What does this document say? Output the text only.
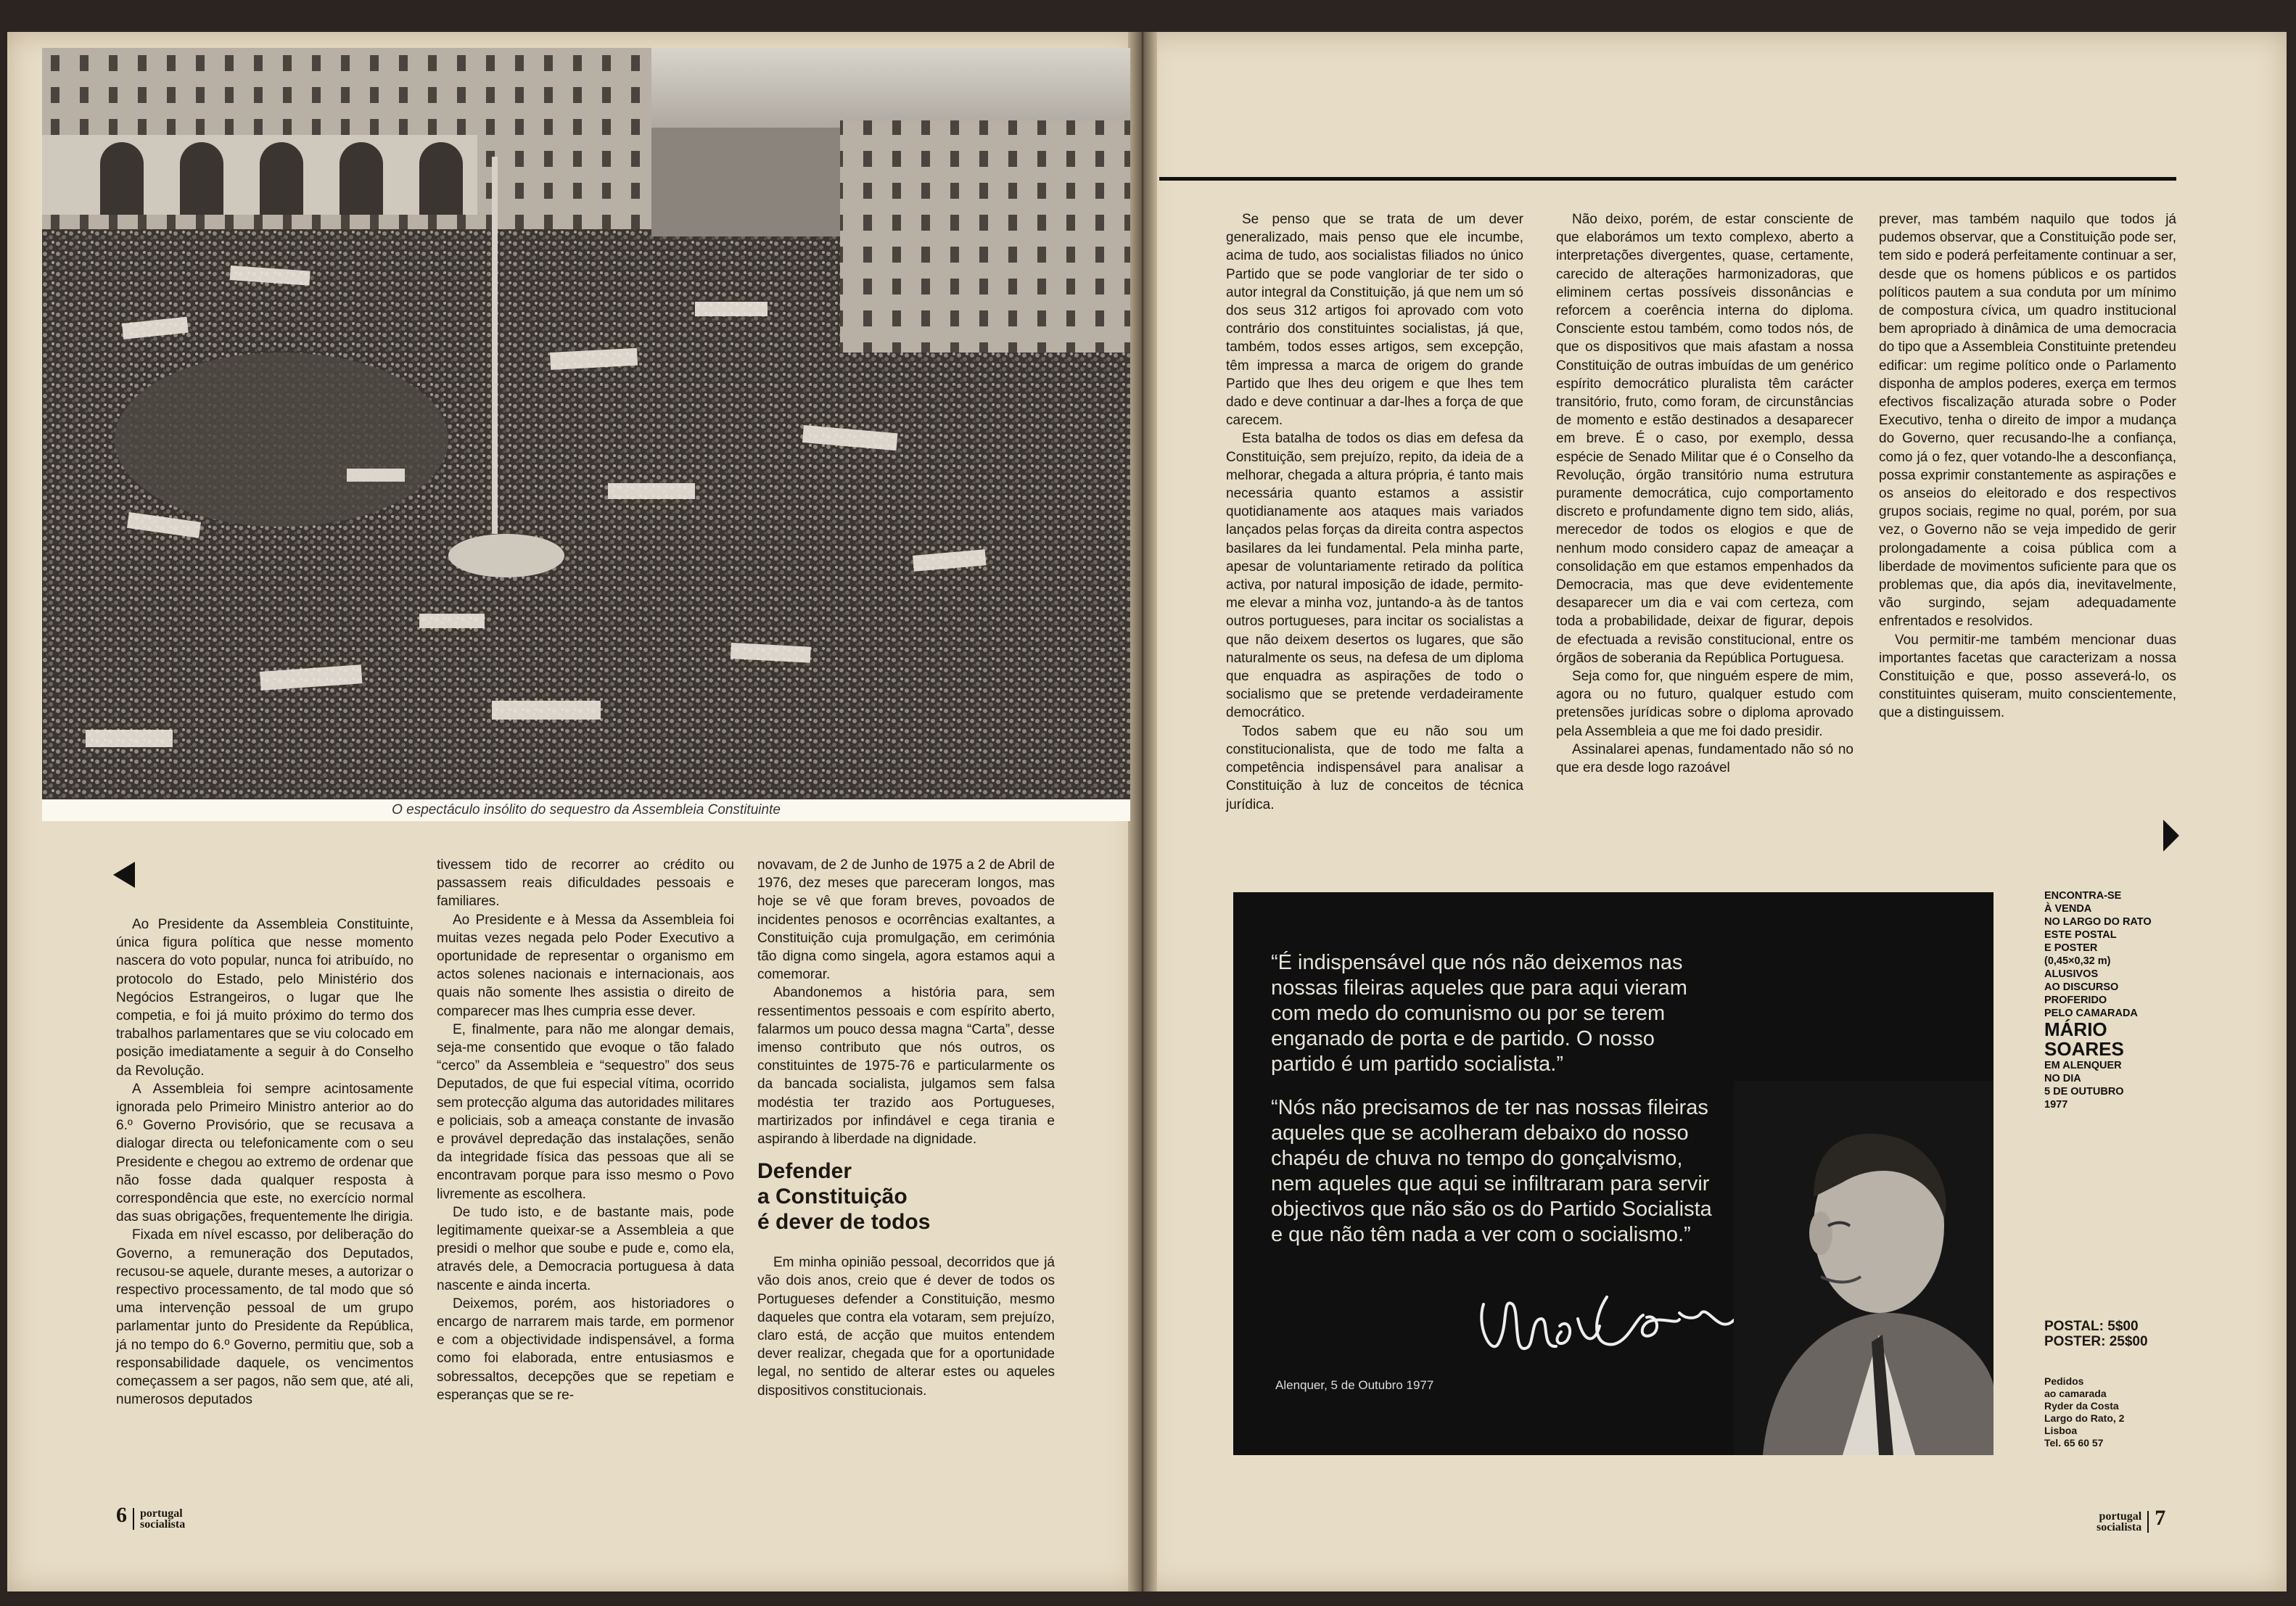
O espectáculo insólito do sequestro da Assembleia Constituinte

Ao Presidente da Assembleia Constituinte, única figura política que nesse momento nascera do voto popular, nunca foi atribuído, no protocolo do Estado, pelo Ministério dos Negócios Estrangeiros, o lugar que lhe competia, e foi já muito próximo do termo dos trabalhos parlamentares que se viu colocado em posição imediatamente a seguir à do Conselho da Revolução.

A Assembleia foi sempre acintosamente ignorada pelo Primeiro Ministro anterior ao do 6.º Governo Provisório, que se recusava a dialogar directa ou telefonicamente com o seu Presidente e chegou ao extremo de ordenar que não fosse dada qualquer resposta à correspondência que este, no exercício normal das suas obrigações, frequentemente lhe dirigia.

Fixada em nível escasso, por deliberação do Governo, a remuneração dos Deputados, recusou-se aquele, durante meses, a autorizar o respectivo processamento, de tal modo que só uma intervenção pessoal de um grupo parlamentar junto do Presidente da República, já no tempo do 6.º Governo, permitiu que, sob a responsabilidade daquele, os vencimentos começassem a ser pagos, não sem que, até ali, numerosos deputados

tivessem tido de recorrer ao crédito ou passassem reais dificuldades pessoais e familiares.

Ao Presidente e à Messa da Assembleia foi muitas vezes negada pelo Poder Executivo a oportunidade de representar o organismo em actos solenes nacionais e internacionais, aos quais não somente lhes assistia o direito de comparecer mas lhes cumpria esse dever.

E, finalmente, para não me alongar demais, seja-me consentido que evoque o tão falado “cerco” da Assembleia e “sequestro” dos seus Deputados, de que fui especial vítima, ocorrido sem protecção alguma das autoridades militares e policiais, sob a ameaça constante de invasão e provável depredação das instalações, senão da integridade física das pessoas que ali se encontravam porque para isso mesmo o Povo livremente as escolhera.

De tudo isto, e de bastante mais, pode legitimamente queixar-se a Assembleia a que presidi o melhor que soube e pude e, como ela, através dele, a Democracia portuguesa à data nascente e ainda incerta.

Deixemos, porém, aos historiadores o encargo de narrarem mais tarde, em pormenor e com a objectividade indispensável, a forma como foi elaborada, entre entusiasmos e sobressaltos, decepções que se repetiam e esperanças que se re-

novavam, de 2 de Junho de 1975 a 2 de Abril de 1976, dez meses que pareceram longos, mas hoje se vê que foram breves, povoados de incidentes penosos e ocorrências exaltantes, a Constituição cuja promulgação, em cerimónia tão digna como singela, agora estamos aqui a comemorar.

Abandonemos a história para, sem ressentimentos pessoais e com espírito aberto, falarmos um pouco dessa magna “Carta”, desse imenso contributo que nós outros, os constituintes de 1975-76 e particularmente os da bancada socialista, julgamos sem falsa modéstia ter trazido aos Portugueses, martirizados por infindável e cega tirania e aspirando à liberdade na dignidade.

Defender
a Constituição
é dever de todos

Em minha opinião pessoal, decorridos que já vão dois anos, creio que é dever de todos os Portugueses defender a Constituição, mesmo daqueles que contra ela votaram, sem prejuízo, claro está, de acção que muitos entendem dever realizar, chegada que for a oportunidade legal, no sentido de alterar estes ou aqueles dispositivos constitucionais.

6 portugal
socialista

Se penso que se trata de um dever generalizado, mais penso que ele incumbe, acima de tudo, aos socialistas filiados no único Partido que se pode vangloriar de ter sido o autor integral da Constituição, já que nem um só dos seus 312 artigos foi aprovado com voto contrário dos constituintes socialistas, já que, também, todos esses artigos, sem excepção, têm impressa a marca de origem do grande Partido que lhes deu origem e que lhes tem dado e deve continuar a dar-lhes a força de que carecem.

Esta batalha de todos os dias em defesa da Constituição, sem prejuízo, repito, da ideia de a melhorar, chegada a altura própria, é tanto mais necessária quanto estamos a assistir quotidianamente aos ataques mais variados lançados pelas forças da direita contra aspectos basilares da lei fundamental. Pela minha parte, apesar de voluntariamente retirado da política activa, por natural imposição de idade, permito-me elevar a minha voz, juntando-a às de tantos outros portugueses, para incitar os socialistas a que não deixem desertos os lugares, que são naturalmente os seus, na defesa de um diploma que enquadra as aspirações de todo o socialismo que se pretende verdadeiramente democrático.

Todos sabem que eu não sou um constitucionalista, que de todo me falta a competência indispensável para analisar a Constituição à luz de conceitos de técnica jurídica.

Não deixo, porém, de estar consciente de que elaborámos um texto complexo, aberto a interpretações divergentes, quase, certamente, carecido de alterações harmonizadoras, que eliminem certas possíveis dissonâncias e reforcem a coerência interna do diploma. Consciente estou também, como todos nós, de que os dispositivos que mais afastam a nossa Constituição de outras imbuídas de um genérico espírito democrático pluralista têm carácter transitório, fruto, como foram, de circunstâncias de momento e estão destinados a desaparecer em breve. É o caso, por exemplo, dessa espécie de Senado Militar que é o Conselho da Revolução, órgão transitório numa estrutura puramente democrática, cujo comportamento discreto e profundamente digno tem sido, aliás, merecedor de todos os elogios e que de nenhum modo considero capaz de ameaçar a consolidação em que estamos empenhados da Democracia, mas que deve evidentemente desaparecer um dia e vai com certeza, com toda a probabilidade, deixar de figurar, depois de efectuada a revisão constitucional, entre os órgãos de soberania da República Portuguesa.

Seja como for, que ninguém espere de mim, agora ou no futuro, qualquer estudo com pretensões jurídicas sobre o diploma aprovado pela Assembleia a que me foi dado presidir.

Assinalarei apenas, fundamentado não só no que era desde logo razoável

prever, mas também naquilo que todos já pudemos observar, que a Constituição pode ser, tem sido e poderá perfeitamente continuar a ser, desde que os homens públicos e os partidos políticos pautem a sua conduta por um mínimo de compostura cívica, um quadro institucional bem apropriado à dinâmica de uma democracia do tipo que a Assembleia Constituinte pretendeu edificar: um regime político onde o Parlamento disponha de amplos poderes, exerça em termos efectivos fiscalização aturada sobre o Poder Executivo, tenha o direito de impor a mudança do Governo, quer recusando-lhe a confiança, como já o fez, quer votando-lhe a desconfiança, possa exprimir constantemente as aspirações e os anseios do eleitorado e dos respectivos grupos sociais, regime no qual, porém, por sua vez, o Governo não se veja impedido de gerir prolongadamente a coisa pública com a liberdade de movimentos suficiente para que os problemas que, dia após dia, inevitavelmente, vão surgindo, sejam adequadamente enfrentados e resolvidos.

Vou permitir-me também mencionar duas importantes facetas que caracterizam a nossa Constituição e que, posso asseverá-lo, os constituintes quiseram, muito conscientemente, que a distinguissem.

“É indispensável que nós não deixemos nas nossas fileiras aqueles que para aqui vieram com medo do comunismo ou por se terem enganado de porta e de partido. O nosso partido é um partido socialista.”
“Nós não precisamos de ter nas nossas fileiras aqueles que se acolheram debaixo do nosso chapéu de chuva no tempo do gonçalvismo, nem aqueles que aqui se infiltraram para servir objectivos que não são os do Partido Socialista e que não têm nada a ver com o socialismo.”
Alenquer, 5 de Outubro 1977
ENCONTRA-SE
À VENDA
NO LARGO DO RATO
ESTE POSTAL
E POSTER
(0,45×0,32 m)
ALUSIVOS
AO DISCURSO
PROFERIDO
PELO CAMARADA
MÁRIO
SOARES
EM ALENQUER
NO DIA
5 DE OUTUBRO
1977
POSTAL: 5$00
POSTER: 25$00
Pedidos
ao camarada
Ryder da Costa
Largo do Rato, 2
Lisboa
Tel. 65 60 57
portugal
socialista 7
